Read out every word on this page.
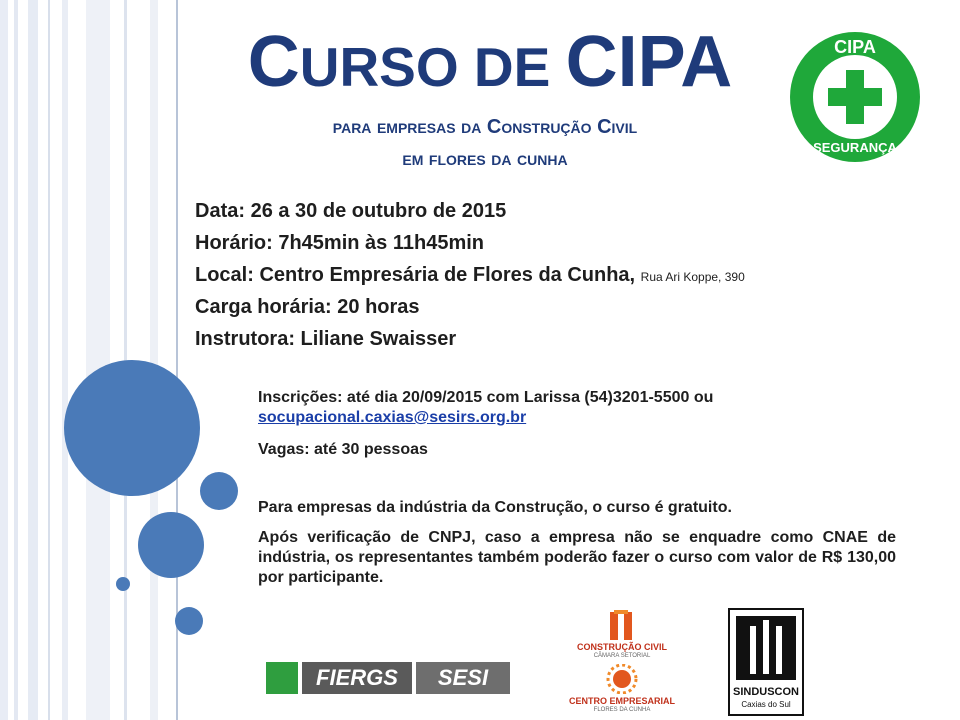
CURSO DE CIPA
para empresas da Construção Civil
em flores da cunha
CIPA
SEGURANÇA
Data: 26 a 30 de outubro de 2015
Horário: 7h45min às 11h45min
Local: Centro Empresária de Flores da Cunha, Rua Ari Koppe, 390
Carga horária: 20 horas
Instrutora: Liliane Swaisser
Inscrições: até dia 20/09/2015 com Larissa (54)3201-5500 ou
socupacional.caxias@sesirs.org.br
Vagas: até 30 pessoas
Para empresas da indústria da Construção, o curso é gratuito.
Após verificação de CNPJ, caso a empresa não se enquadre como CNAE de indústria, os representantes também poderão fazer o curso com valor de R$ 130,00 por participante.
FIERGS	SESI
CONSTRUÇÃO CIVIL
CÂMARA SETORIAL
CENTRO EMPRESARIAL
FLORES DA CUNHA
SINDUSCON
Caxias do Sul
